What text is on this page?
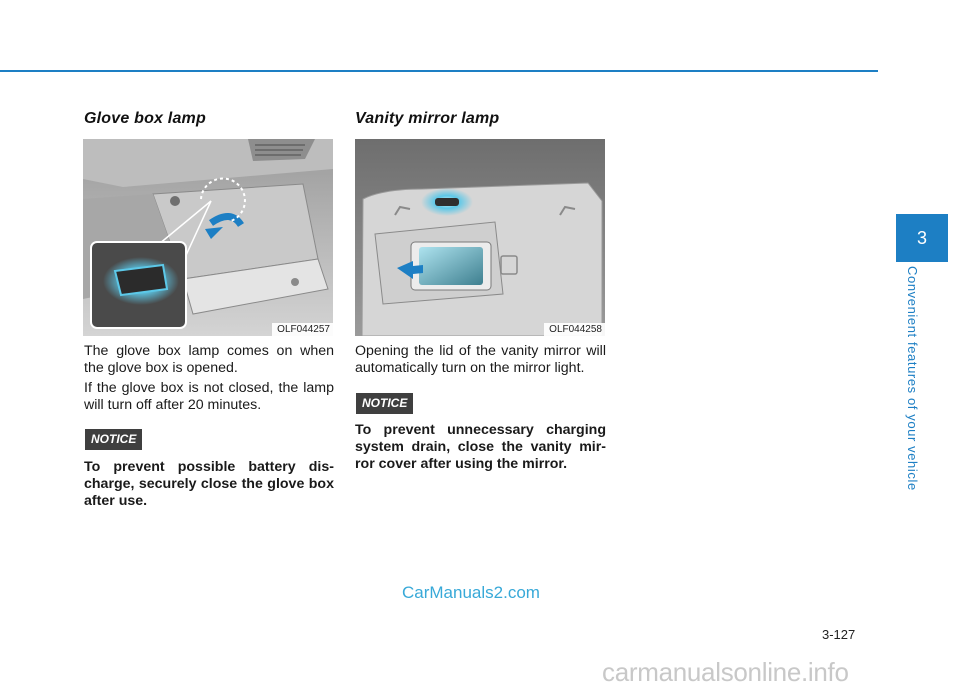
Glove box lamp
OLF044257

The glove box lamp comes on when the glove box is opened.

If the glove box is not closed, the lamp will turn off after 20 minutes.

NOTICE

To prevent possible battery dis- charge, securely close the glove box after use.

Vanity mirror lamp
OLF044258

Opening the lid of the vanity mirror will automatically turn on the mirror light.

NOTICE

To prevent unnecessary charging system drain, close the vanity mir- ror cover after using the mirror.

3
Convenient features of your vehicle
CarManuals2.com
3-127
carmanualsonline.info
